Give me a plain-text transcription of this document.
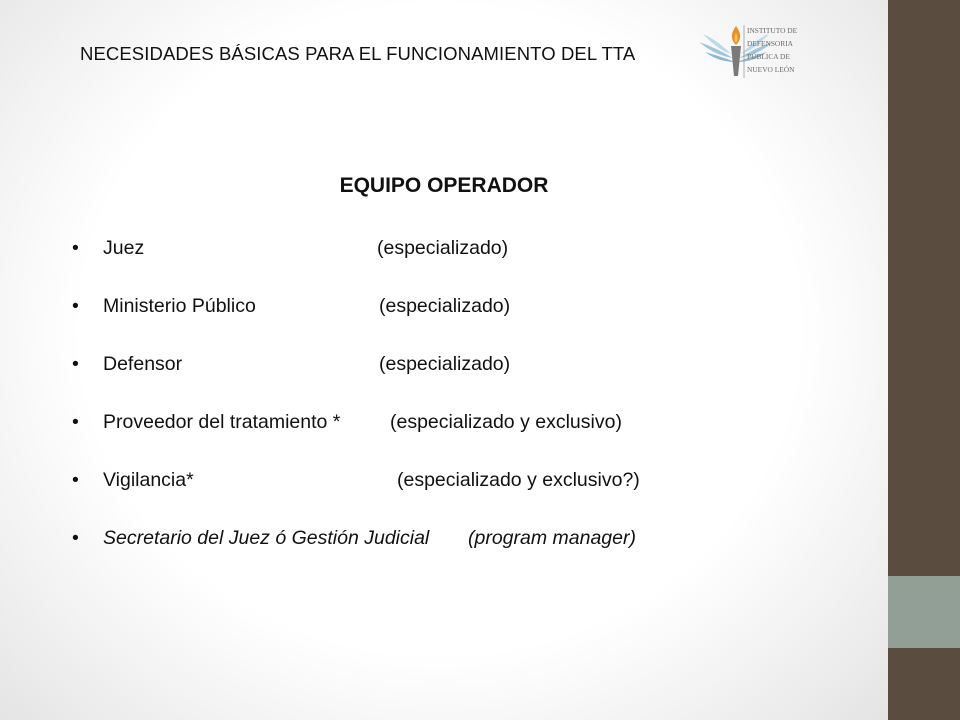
NECESIDADES BÁSICAS PARA EL FUNCIONAMIENTO DEL TTA
INSTITUTO DE
DEFENSORIA
PÚBLICA DE
NUEVO LEÓN
EQUIPO OPERADOR
• Juez	(especializado)
• Ministerio Público	(especializado)
• Defensor	(especializado)
• Proveedor del tratamiento *	(especializado y exclusivo)
• Vigilancia*	(especializado y exclusivo?)
• Secretario del Juez ó Gestión Judicial (program manager)
